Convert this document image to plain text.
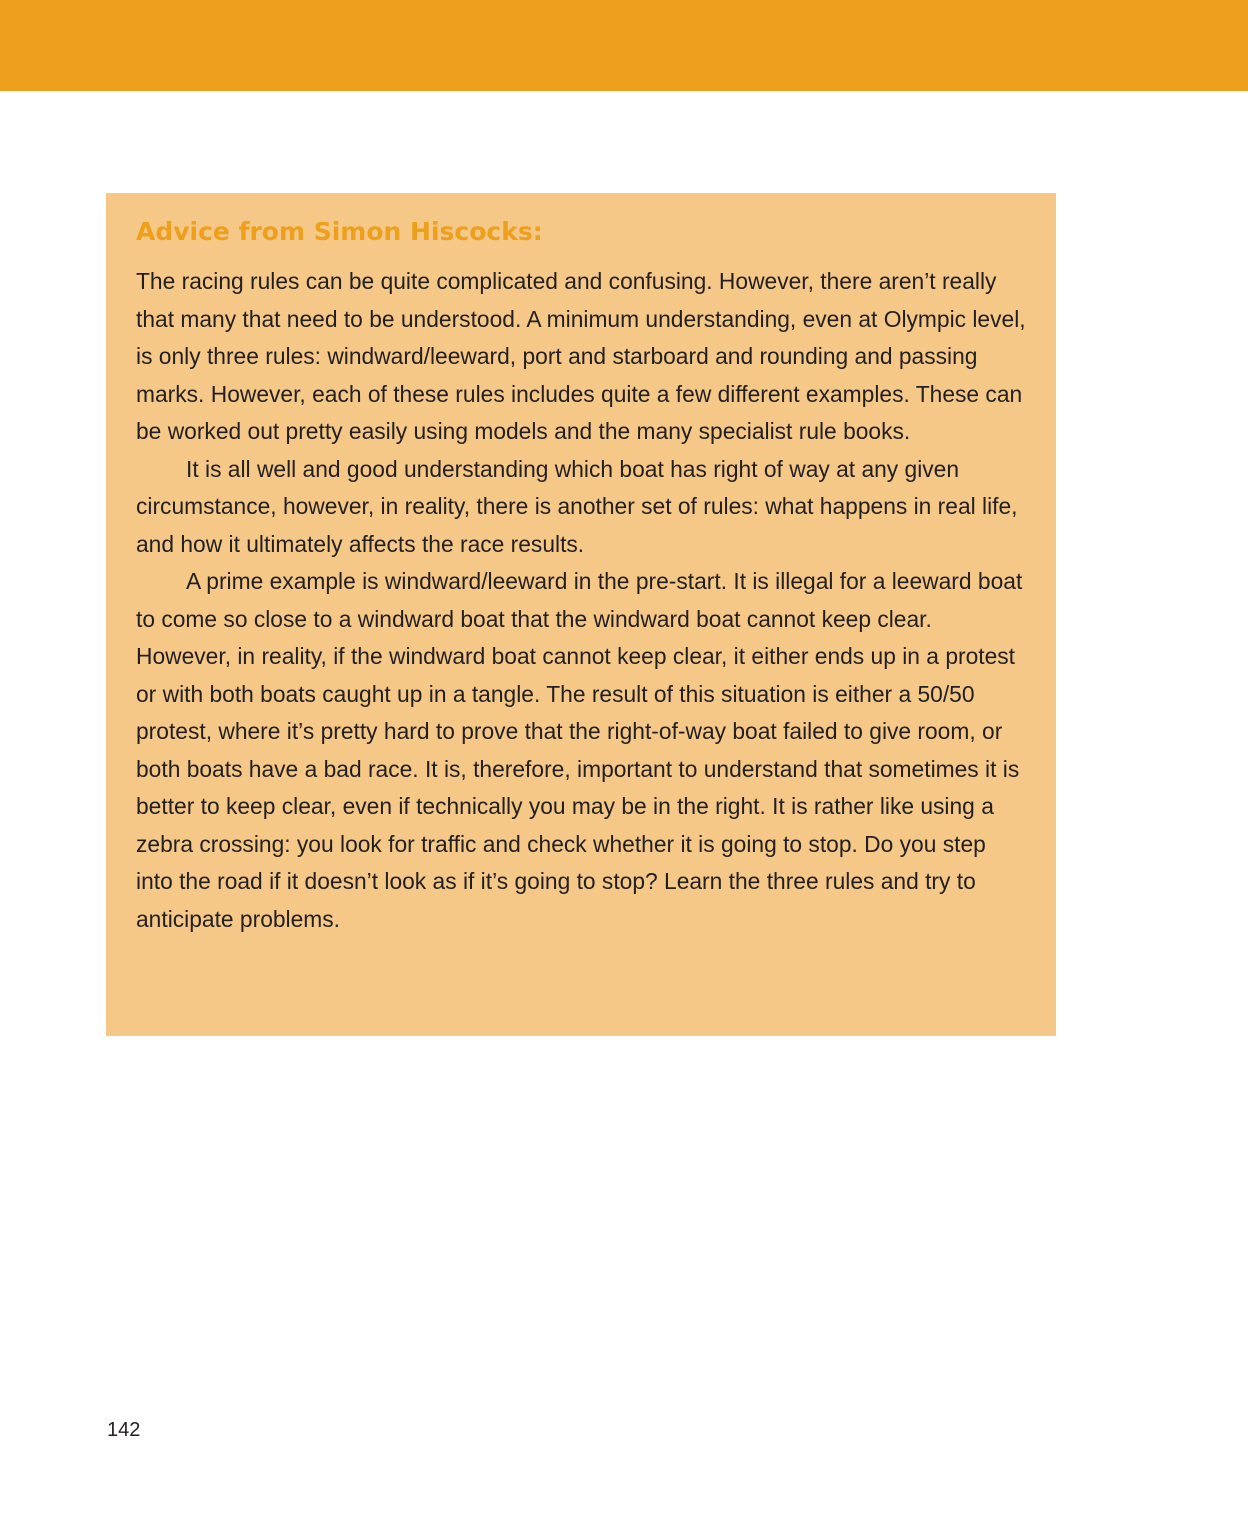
Advice from Simon Hiscocks:

The racing rules can be quite complicated and confusing. However, there aren’t really that many that need to be understood. A minimum understanding, even at Olympic level, is only three rules: windward/leeward, port and starboard and rounding and passing marks. However, each of these rules includes quite a few different examples. These can be worked out pretty easily using models and the many specialist rule books.

It is all well and good understanding which boat has right of way at any given circumstance, however, in reality, there is another set of rules: what happens in real life, and how it ultimately affects the race results.

A prime example is windward/leeward in the pre-start. It is illegal for a leeward boat to come so close to a windward boat that the windward boat cannot keep clear. However, in reality, if the windward boat cannot keep clear, it either ends up in a protest or with both boats caught up in a tangle. The result of this situation is either a 50/50 protest, where it’s pretty hard to prove that the right-of-way boat failed to give room, or both boats have a bad race. It is, therefore, important to understand that sometimes it is better to keep clear, even if technically you may be in the right. It is rather like using a zebra crossing: you look for traffic and check whether it is going to stop. Do you step into the road if it doesn’t look as if it’s going to stop? Learn the three rules and try to anticipate problems.

142
